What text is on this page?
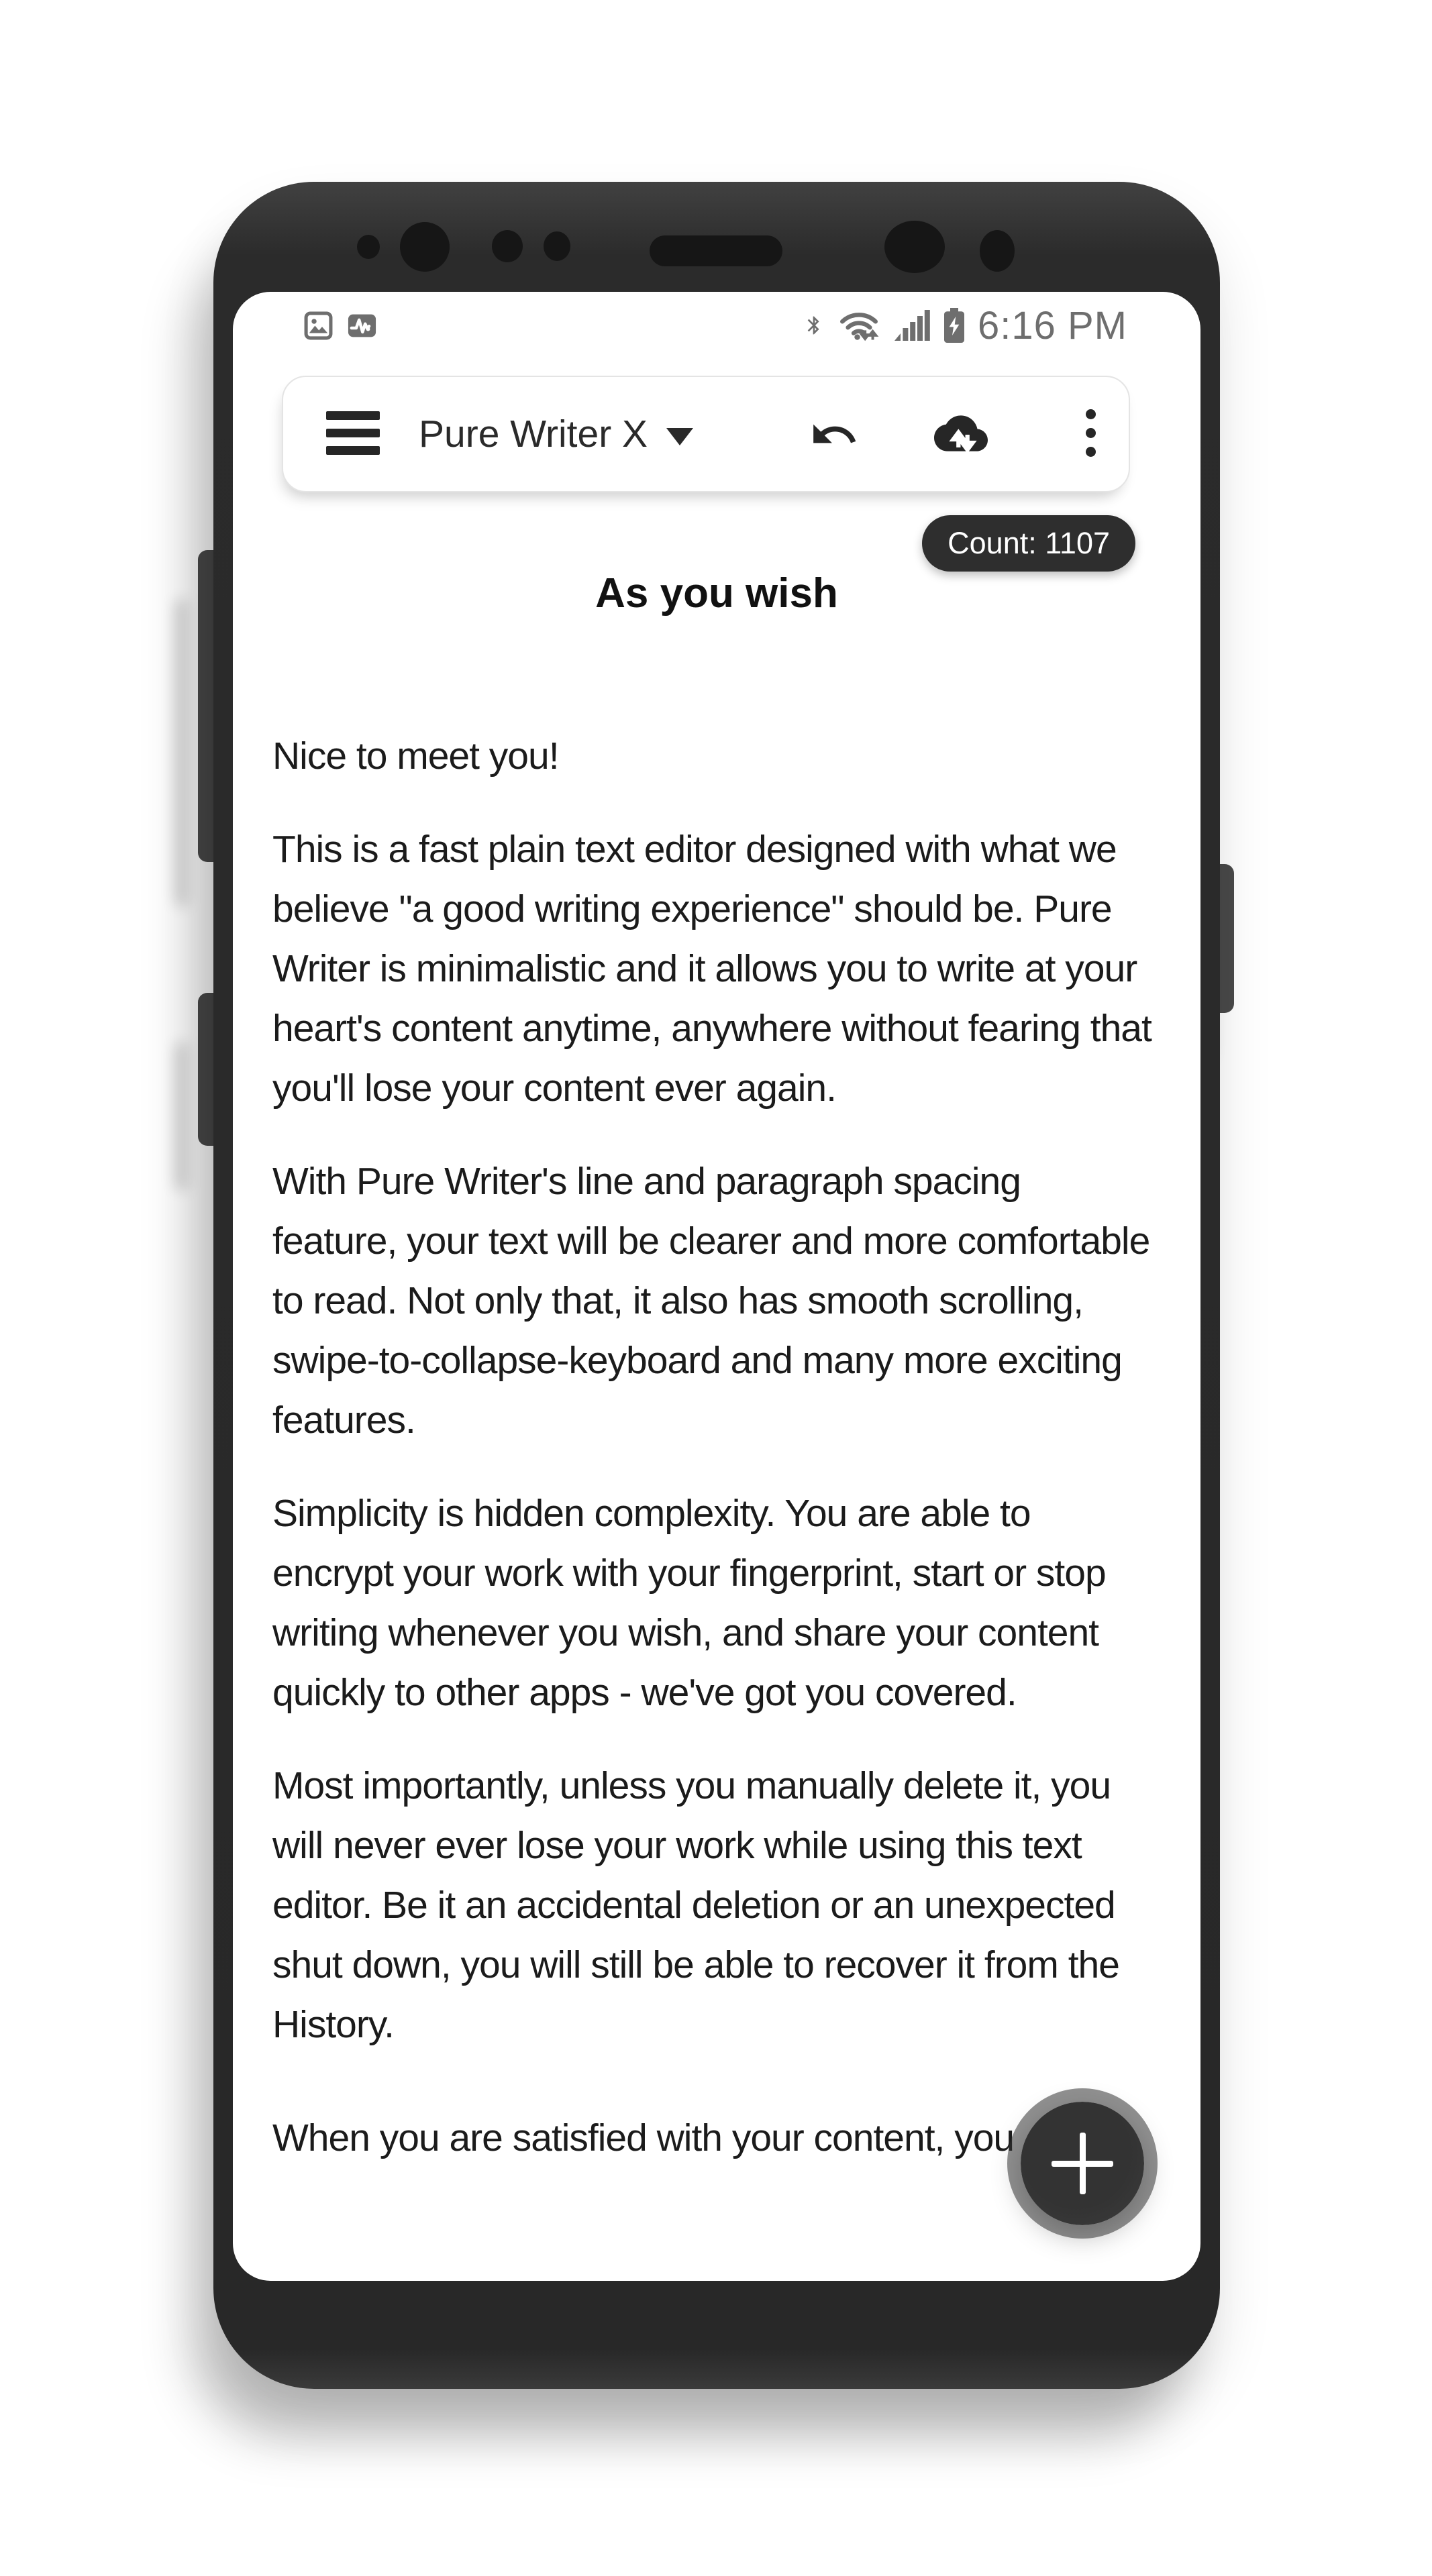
6:16 PM
Pure Writer X
Count: 1107
As you wish

Nice to meet you!

This is a fast plain text editor designed with what we believe "a good writing experience" should be. Pure Writer is minimalistic and it allows you to write at your heart's content anytime, anywhere without fearing that you'll lose your content ever again.

With Pure Writer's line and paragraph spacing feature, your text will be clearer and more comfortable to read. Not only that, it also has smooth scrolling, swipe-to-collapse-keyboard and many more exciting features.

Simplicity is hidden complexity. You are able to encrypt your work with your fingerprint, start or stop writing whenever you wish, and share your content quickly to other apps - we've got you covered.

Most importantly, unless you manually delete it, you will never ever lose your work while using this text editor. Be it an accidental deletion or an unexpected shut down, you will still be able to recover it from the History.

When you are satisfied with your content, you
